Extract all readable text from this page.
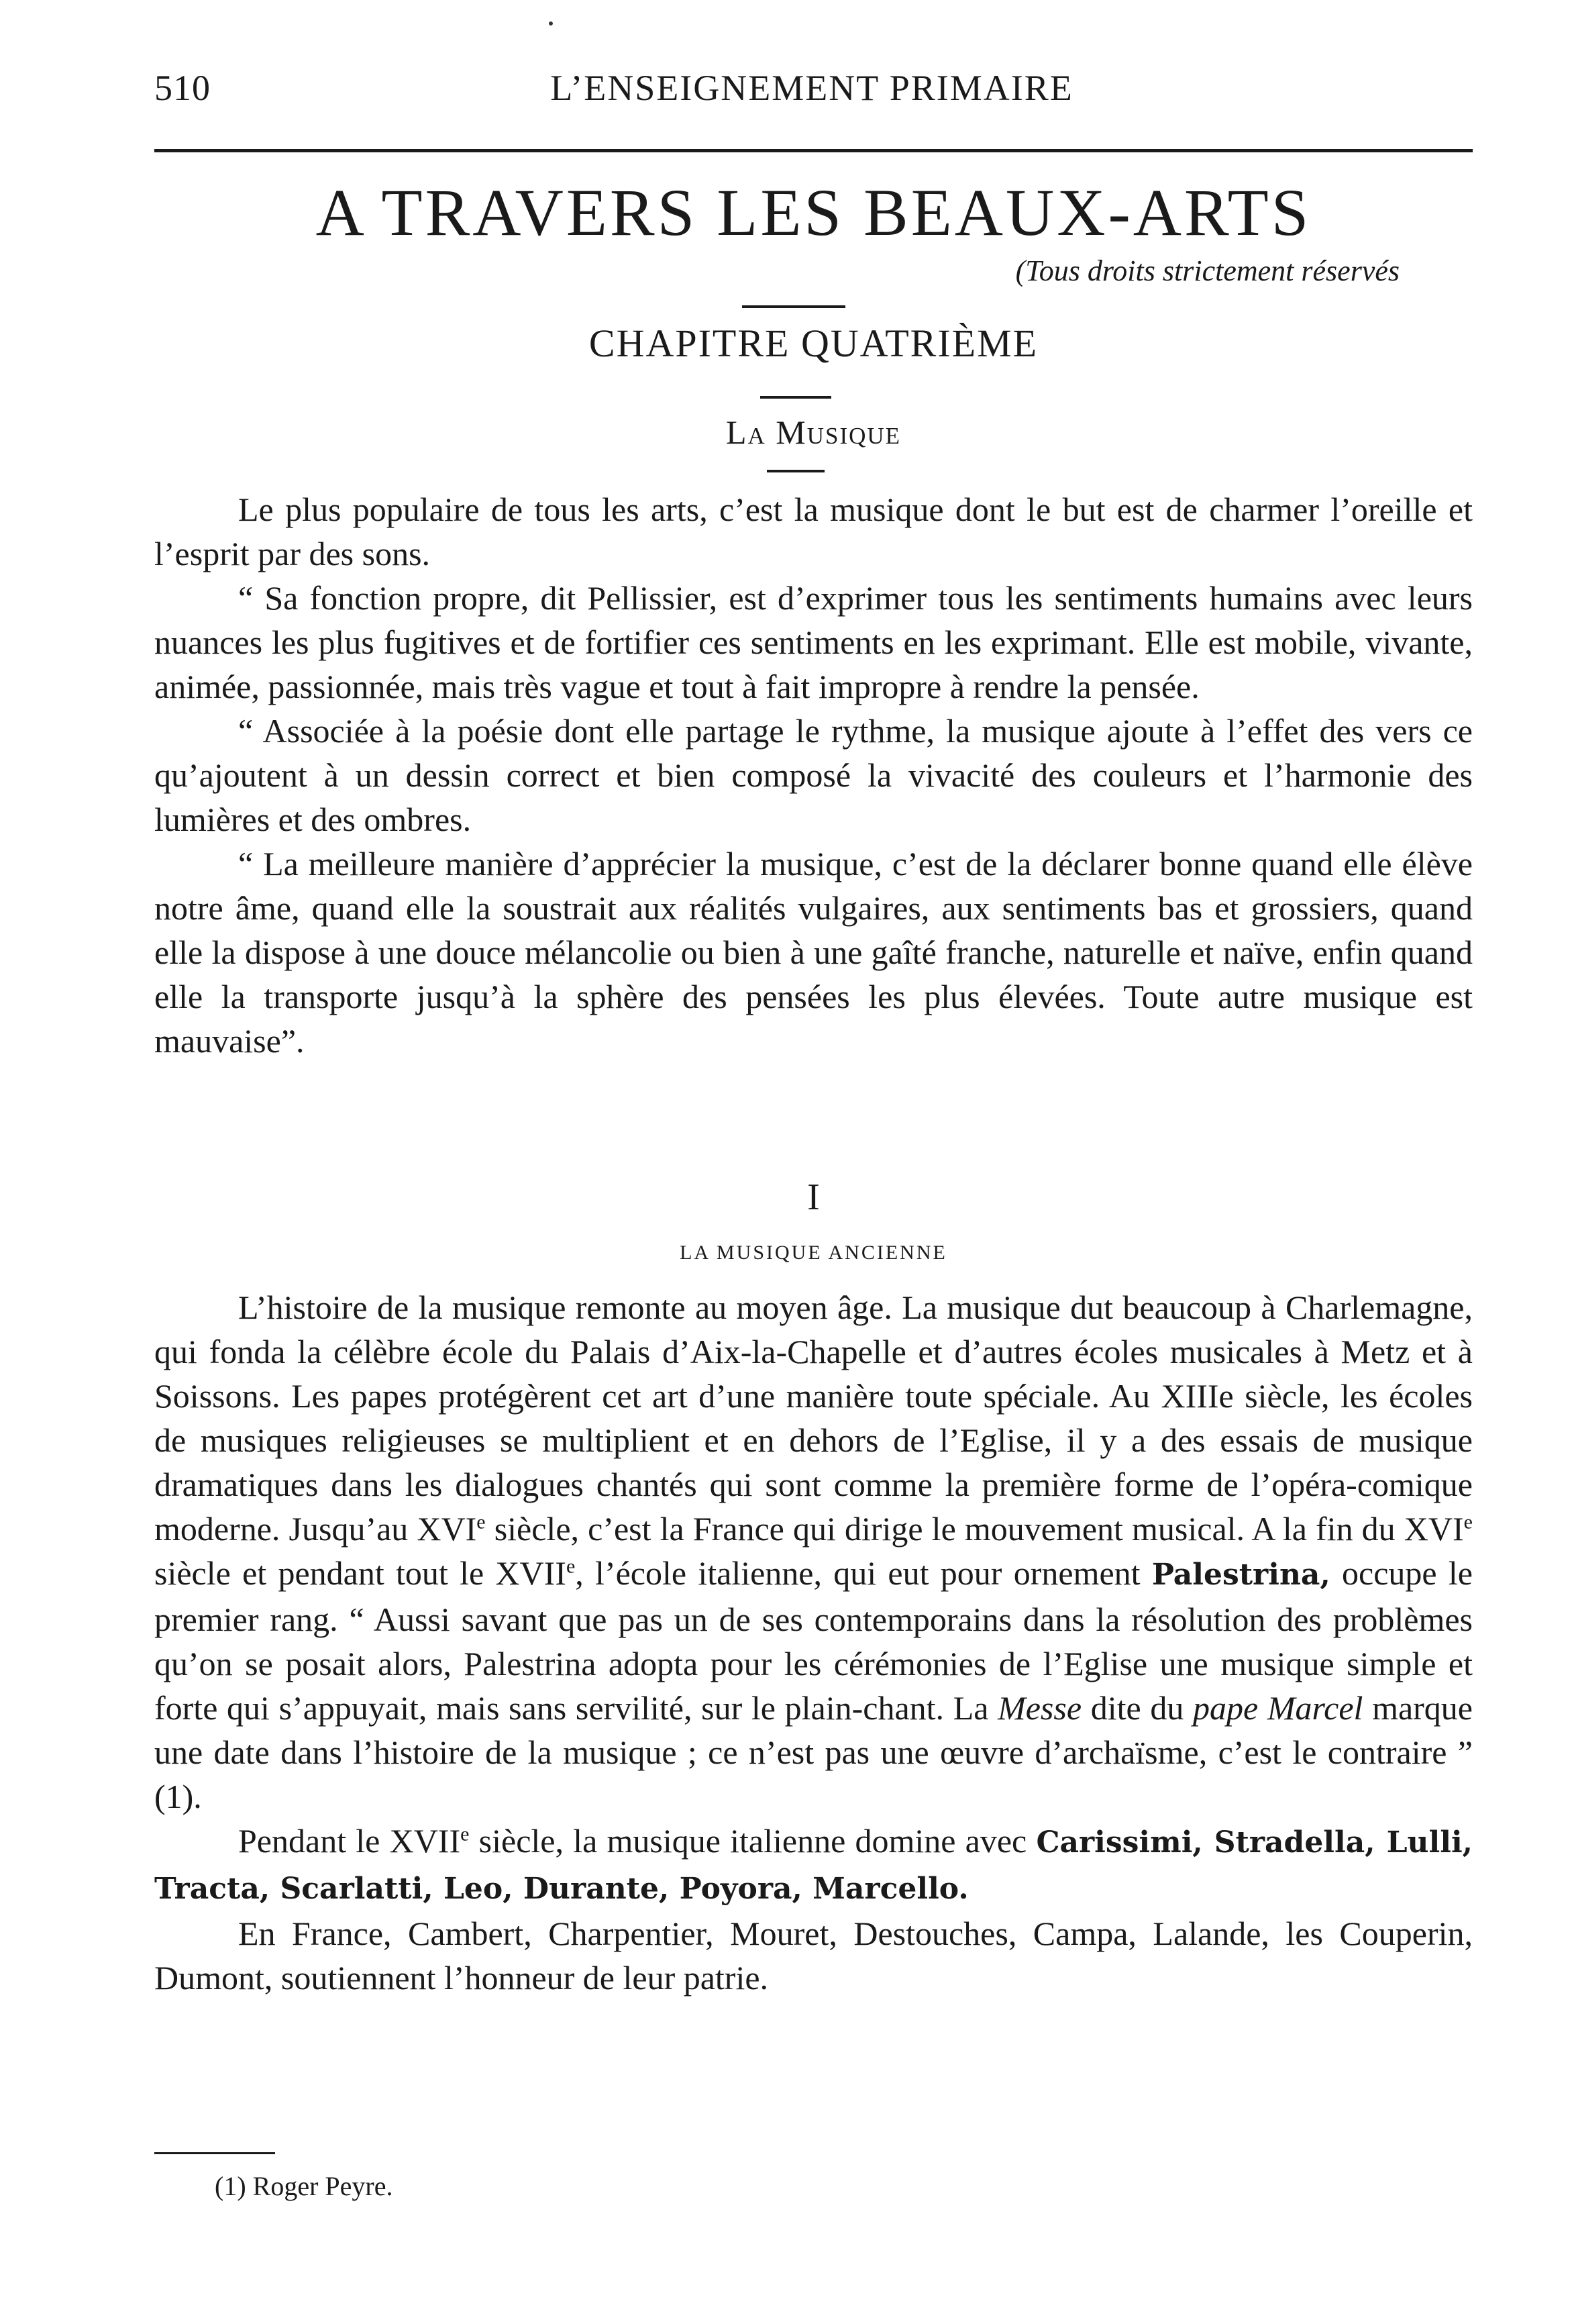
510	L’ENSEIGNEMENT PRIMAIRE
A TRAVERS LES BEAUX-ARTS
(Tous droits strictement réservés
CHAPITRE QUATRIÈME
La Musique

Le plus populaire de tous les arts, c’est la musique dont le but est de charmer l’oreille et l’esprit par des sons.

“ Sa fonction propre, dit Pellissier, est d’exprimer tous les sentiments humains avec leurs nuances les plus fugitives et de fortifier ces sentiments en les exprimant. Elle est mobile, vivante, animée, passionnée, mais très vague et tout à fait impropre à rendre la pensée.

“ Associée à la poésie dont elle partage le rythme, la musique ajoute à l’effet des vers ce qu’ajoutent à un dessin correct et bien composé la vivacité des couleurs et l’harmonie des lumières et des ombres.

“ La meilleure manière d’apprécier la musique, c’est de la déclarer bonne quand elle élève notre âme, quand elle la soustrait aux réalités vulgaires, aux sentiments bas et grossiers, quand elle la dispose à une douce mélancolie ou bien à une gaîté franche, naturelle et naïve, enfin quand elle la transporte jusqu’à la sphère des pensées les plus élevées. Toute autre musique est mauvaise”.

I
LA MUSIQUE ANCIENNE

L’histoire de la musique remonte au moyen âge. La musique dut beaucoup à Charlemagne, qui fonda la célèbre école du Palais d’Aix-la-Chapelle et d’autres écoles musicales à Metz et à Soissons. Les papes protégèrent cet art d’une manière toute spéciale. Au XIIIe siècle, les écoles de musiques religieuses se multiplient et en dehors de l’Eglise, il y a des essais de musique dramatiques dans les dialogues chantés qui sont comme la première forme de l’opéra-comique moderne. Jusqu’au XVIe siècle, c’est la France qui dirige le mouvement musical. A la fin du XVIe siècle et pendant tout le XVIIe, l’école italienne, qui eut pour ornement Palestrina, occupe le premier rang. “ Aussi savant que pas un de ses contemporains dans la résolution des problèmes qu’on se posait alors, Palestrina adopta pour les cérémonies de l’Eglise une musique simple et forte qui s’appuyait, mais sans servilité, sur le plain-chant. La Messe dite du pape Marcel marque une date dans l’histoire de la musique ; ce n’est pas une œuvre d’archaïsme, c’est le contraire ” (1).

Pendant le XVIIe siècle, la musique italienne domine avec Carissimi, Stradella, Lulli, Tracta, Scarlatti, Leo, Durante, Poyora, Marcello.

En France, Cambert, Charpentier, Mouret, Destouches, Campa, Lalande, les Couperin, Dumont, soutiennent l’honneur de leur patrie.

(1) Roger Peyre.
